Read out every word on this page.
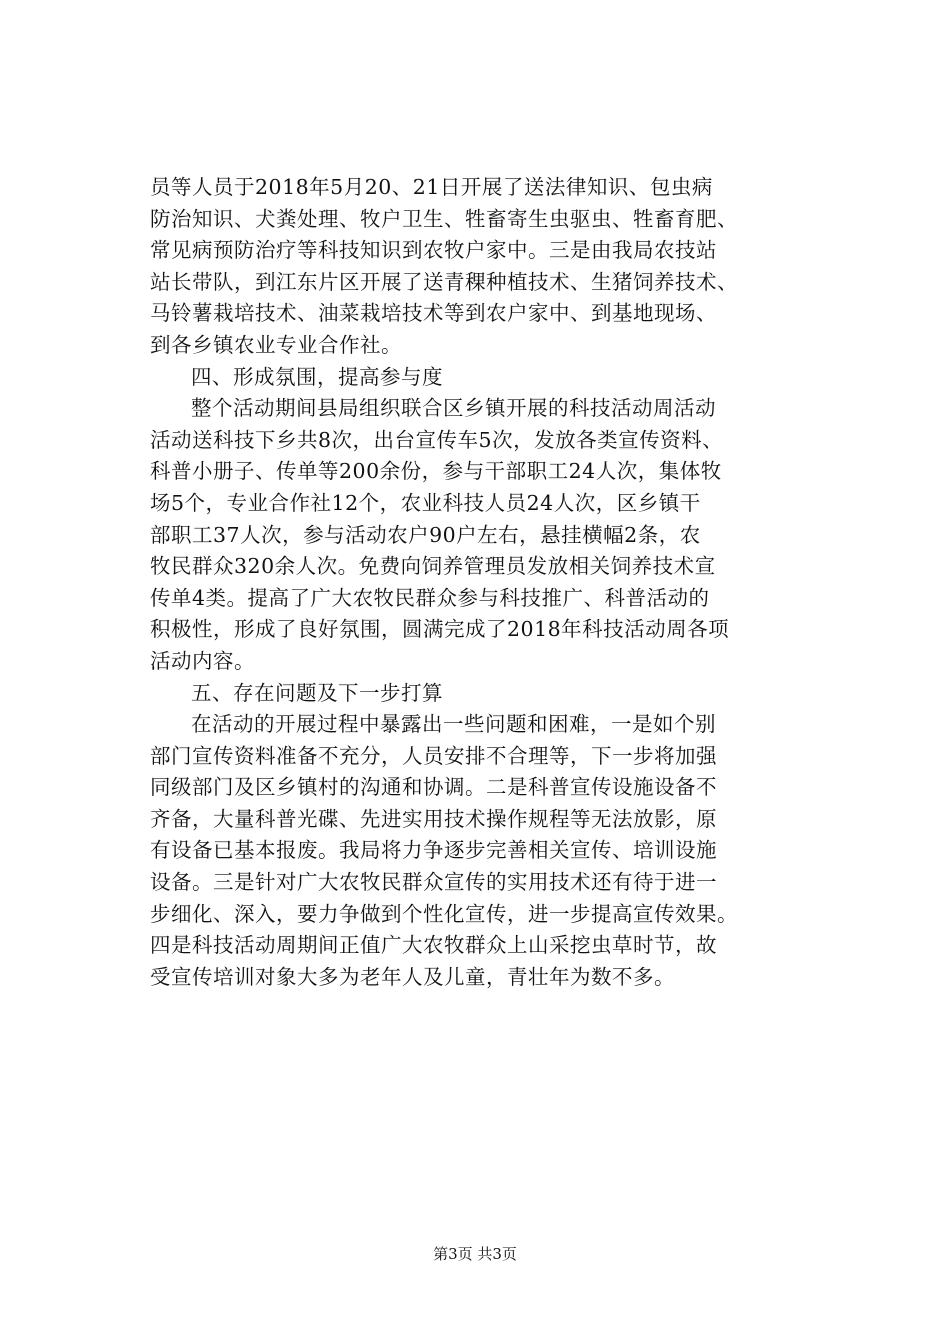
员等人员于2018年5月20、21日开展了送法律知识、包虫病
防治知识、犬粪处理、牧户卫生、牲畜寄生虫驱虫、牲畜育肥、
常见病预防治疗等科技知识到农牧户家中。三是由我局农技站
站长带队，到江东片区开展了送青稞种植技术、生猪饲养技术、
马铃薯栽培技术、油菜栽培技术等到农户家中、到基地现场、
到各乡镇农业专业合作社。
四、形成氛围，提高参与度
整个活动期间县局组织联合区乡镇开展的科技活动周活动
活动送科技下乡共8次，出台宣传车5次，发放各类宣传资料、
科普小册子、传单等200余份，参与干部职工24人次，集体牧
场5个，专业合作社12个，农业科技人员24人次，区乡镇干
部职工37人次，参与活动农户90户左右，悬挂横幅2条，农
牧民群众320余人次。免费向饲养管理员发放相关饲养技术宣
传单4类。提高了广大农牧民群众参与科技推广、科普活动的
积极性，形成了良好氛围，圆满完成了2018年科技活动周各项
活动内容。
五、存在问题及下一步打算
在活动的开展过程中暴露出一些问题和困难，一是如个别
部门宣传资料准备不充分，人员安排不合理等，下一步将加强
同级部门及区乡镇村的沟通和协调。二是科普宣传设施设备不
齐备，大量科普光碟、先进实用技术操作规程等无法放影，原
有设备已基本报废。我局将力争逐步完善相关宣传、培训设施
设备。三是针对广大农牧民群众宣传的实用技术还有待于进一
步细化、深入，要力争做到个性化宣传，进一步提高宣传效果。
四是科技活动周期间正值广大农牧群众上山采挖虫草时节，故
受宣传培训对象大多为老年人及儿童，青壮年为数不多。
第3页 共3页
